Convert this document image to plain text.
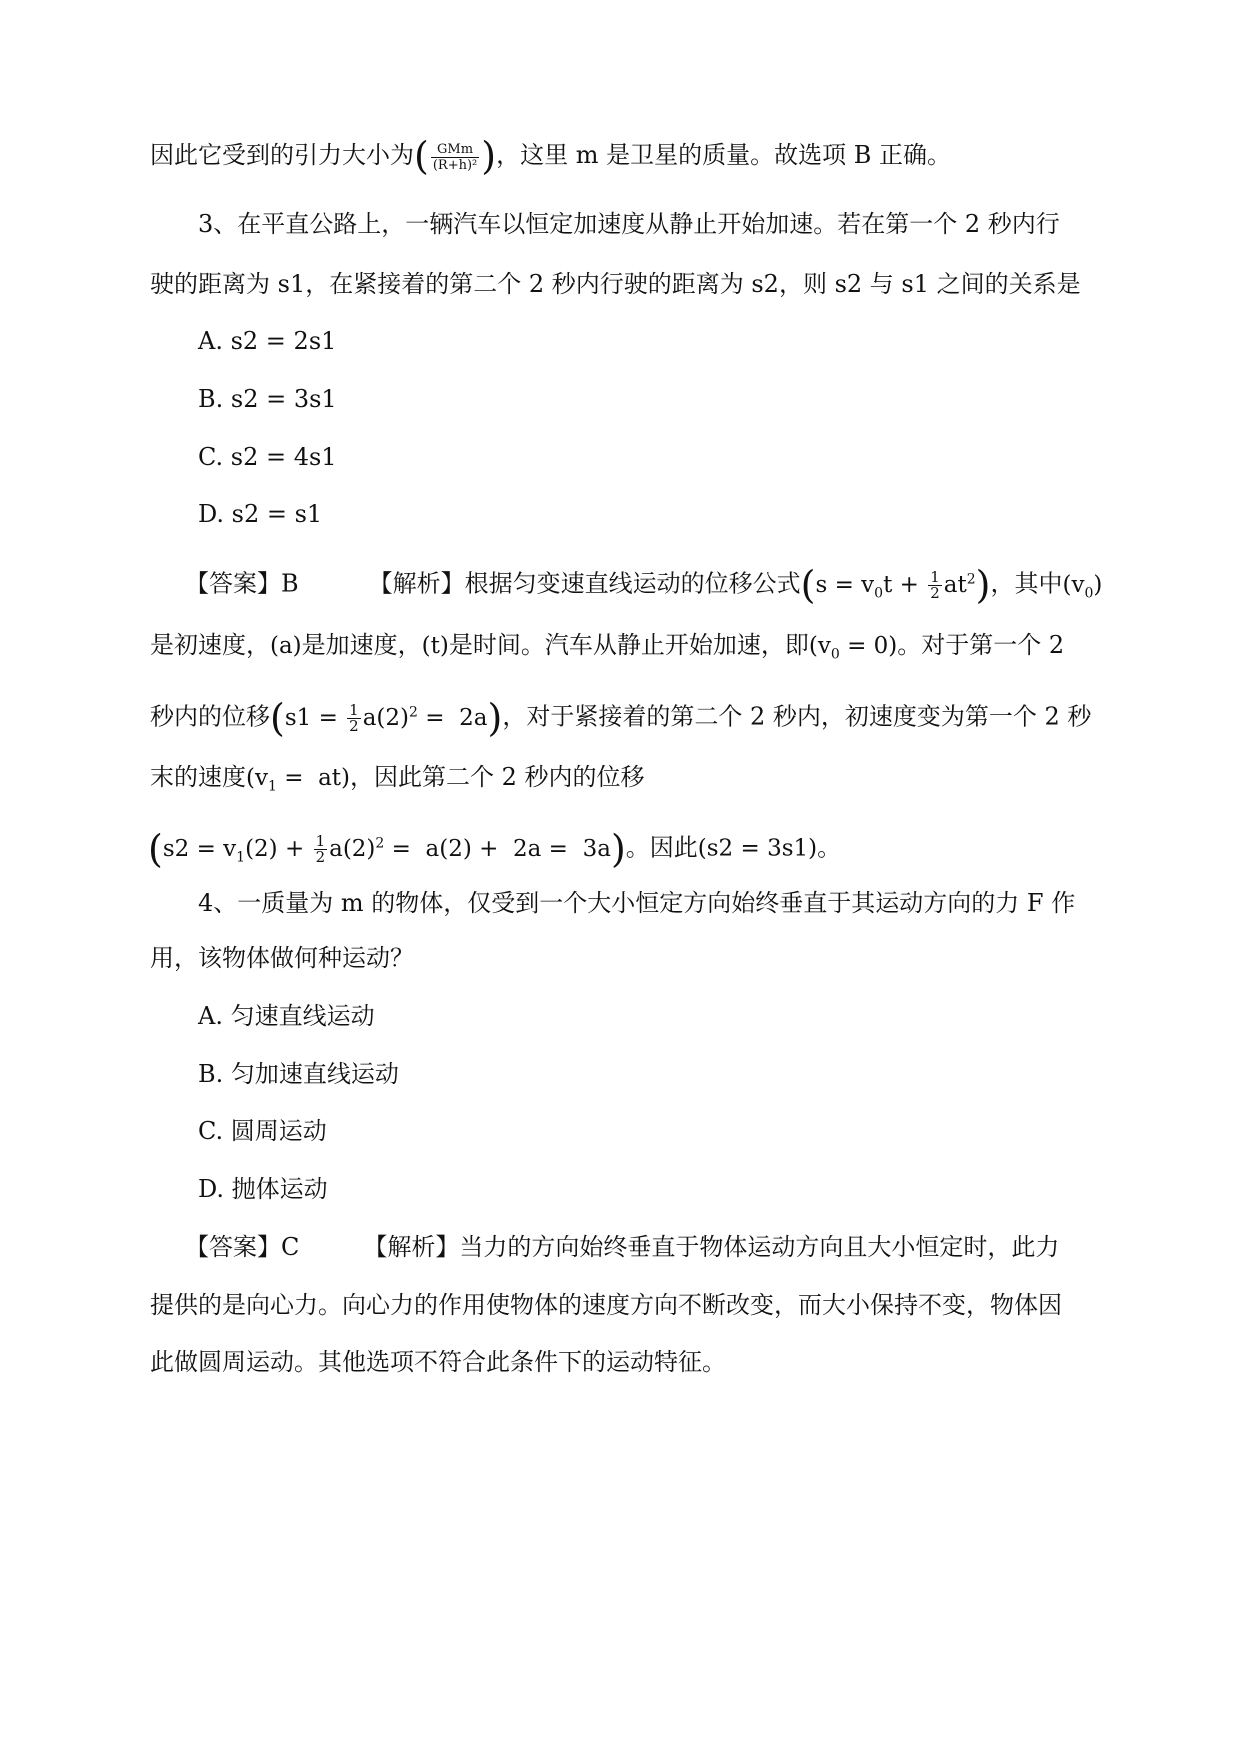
因此它受到的引力大小为( $\frac{\text{GMm}}{\text{(R+h)²}}$ )，这里 m 是卫星的质量。故选项 B 正确。
3、在平直公路上，一辆汽车以恒定加速度从静止开始加速。若在第一个 2 秒内行
驶的距离为 s1，在紧接着的第二个 2 秒内行驶的距离为 s2，则 s2 与 s1 之间的关系是
A. s2 = 2s1
B. s2 = 3s1
C. s2 = 4s1
D. s2 = s1
【答案】B	【解析】根据匀变速直线运动的位移公式$(s = v_0t + \frac{1}{2} at^2)$，其中$(v_0)$
是初速度，(a)是加速度，(t)是时间。汽车从静止开始加速，即$(v_0 = 0)$。对于第一个 2
秒内的位移$(s1 = \frac{1}{2} a(2)^2 = 2a)$，对于紧接着的第二个 2 秒内，初速度变为第一个 2 秒
末的速度$(v_1 = at)$，因此第二个 2 秒内的位移
$(s2 = v_1(2) + \frac{1}{2} a(2)^2 = a(2) + 2a = 3a)$。因此(s2 = 3s1)。
4、一质量为 m 的物体，仅受到一个大小恒定方向始终垂直于其运动方向的力 F 作
用，该物体做何种运动？
A. 匀速直线运动
B. 匀加速直线运动
C. 圆周运动
D. 抛体运动
【答案】C	【解析】当力的方向始终垂直于物体运动方向且大小恒定时，此力
提供的是向心力。向心力的作用使物体的速度方向不断改变，而大小保持不变，物体因
此做圆周运动。其他选项不符合此条件下的运动特征。
